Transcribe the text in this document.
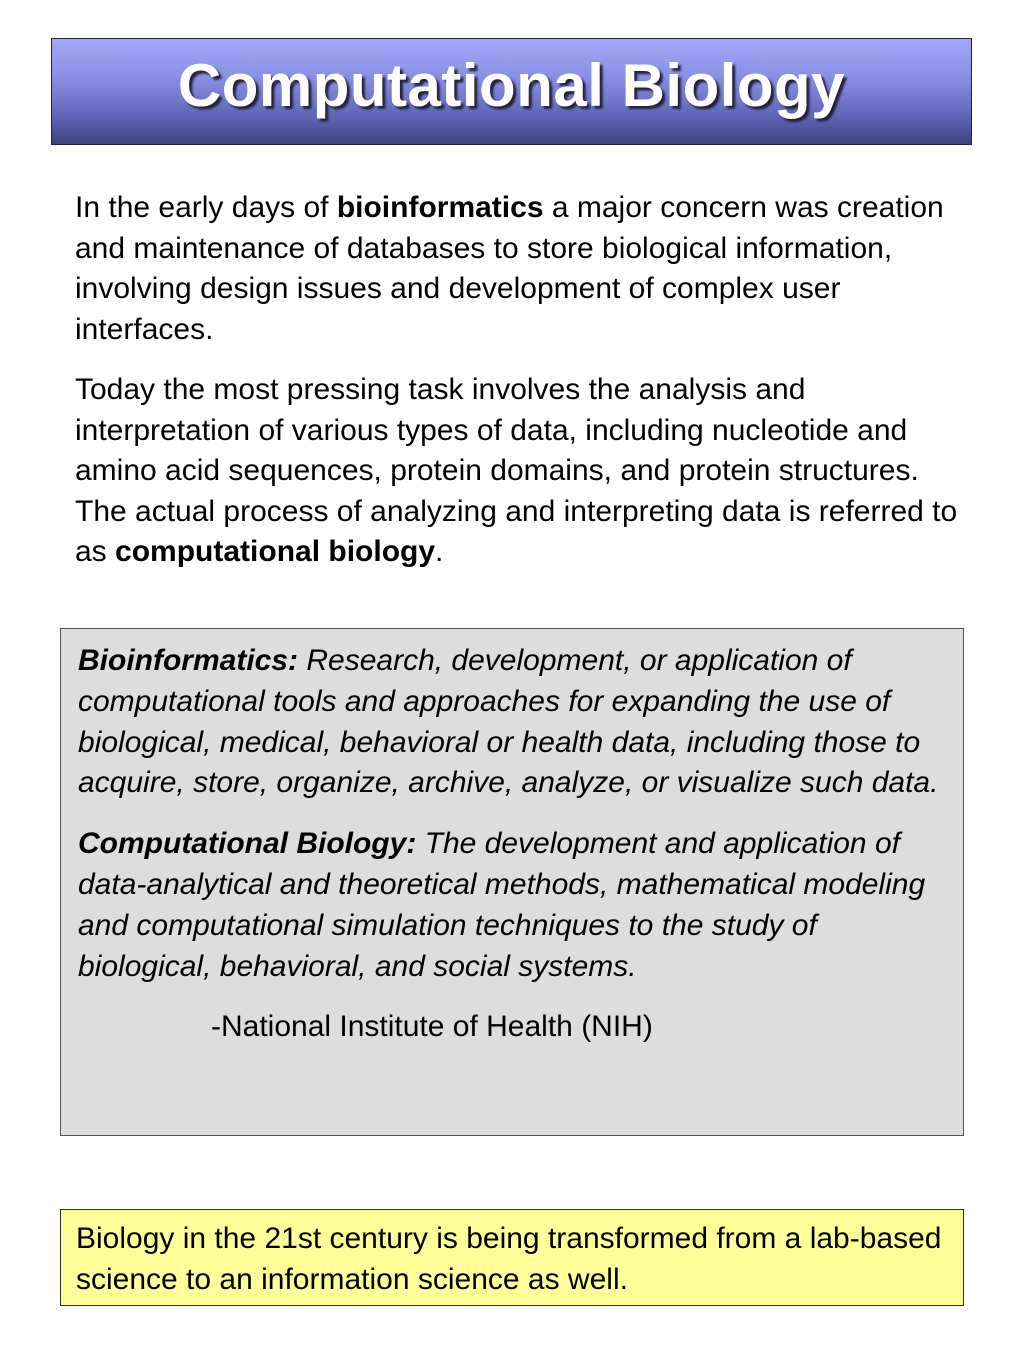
Computational Biology

In the early days of bioinformatics a major concern was creation and maintenance of databases to store biological information, involving design issues and development of complex user interfaces.

Today the most pressing task involves the analysis and interpretation of various types of data, including nucleotide and amino acid sequences, protein domains, and protein structures. The actual process of analyzing and interpreting data is referred to as computational biology.

Bioinformatics: Research, development, or application of computational tools and approaches for expanding the use of biological, medical, behavioral or health data, including those to acquire, store, organize, archive, analyze, or visualize such data.

Computational Biology: The development and application of data-analytical and theoretical methods, mathematical modeling and computational simulation techniques to the study of biological, behavioral, and social systems.

-National Institute of Health (NIH)

Biology in the 21st century is being transformed from a lab-based science to an information science as well.
